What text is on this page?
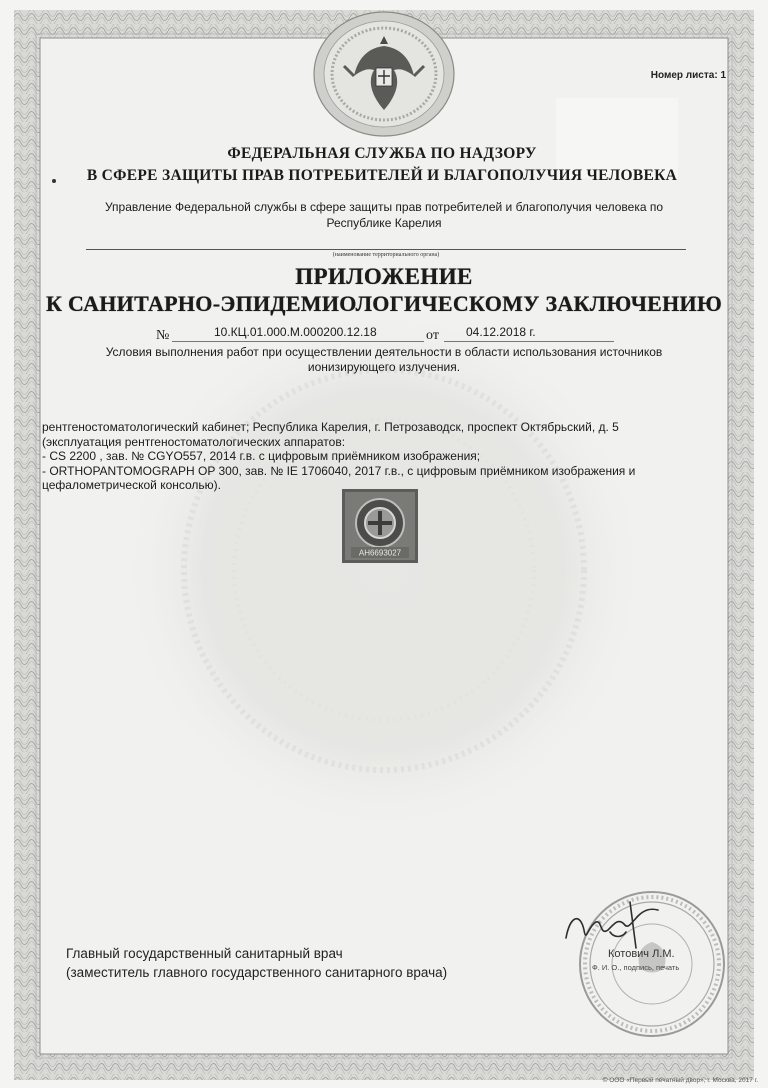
Номер листа: 1
ФЕДЕРАЛЬНАЯ СЛУЖБА ПО НАДЗОРУ
В СФЕРЕ ЗАЩИТЫ ПРАВ ПОТРЕБИТЕЛЕЙ И БЛАГОПОЛУЧИЯ ЧЕЛОВЕКА
Управление Федеральной службы в сфере защиты прав потребителей и благополучия человека по
Республике Карелия
(наименование территориального органа)
ПРИЛОЖЕНИЕ
К САНИТАРНО-ЭПИДЕМИОЛОГИЧЕСКОМУ ЗАКЛЮЧЕНИЮ
№	10.КЦ.01.000.М.000200.12.18	от 04.12.2018 г.
Условия выполнения работ при осуществлении деятельности в области использования источников
ионизирующего излучения.
рентгеностоматологический кабинет; Республика Карелия, г. Петрозаводск, проспект Октябрьский, д. 5
(эксплуатация рентгеностоматологических аппаратов:
- CS 2200 , зав. № CGYO557, 2014 г.в. с цифровым приёмником изображения;
- ORTHOPANTOMOGRAPH OP 300, зав. № IE 1706040, 2017 г.в., с цифровым приёмником изображения и
цефалометрической консолью).
АН6693027
Главный государственный санитарный врач
(заместитель главного государственного санитарного врача)
Котович Л.М.
Ф. И. О., подпись, печать
© ООО «Первый печатный двор», г. Москва, 2017 г.
